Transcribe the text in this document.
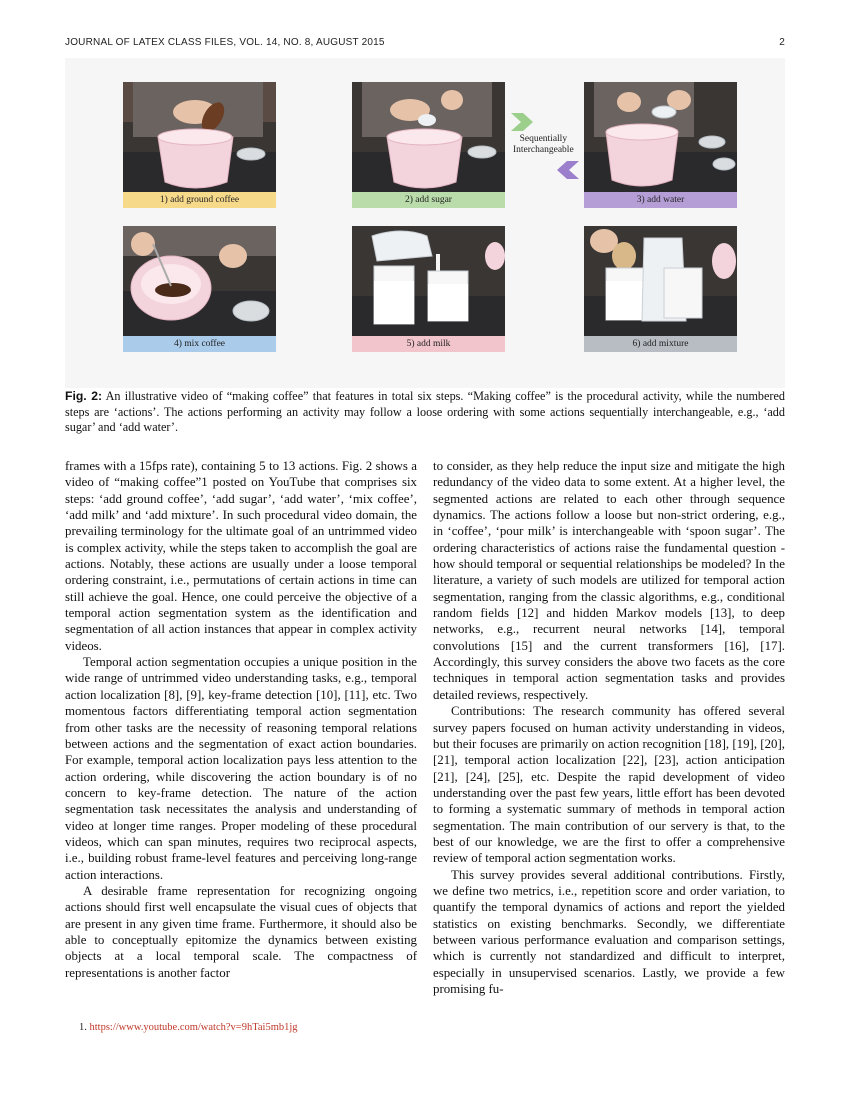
JOURNAL OF LATEX CLASS FILES, VOL. 14, NO. 8, AUGUST 2015	2
1) add ground coffee	2) add sugar	3) add water
Sequentially
Interchangeable
4) mix coffee	5) add milk	6) add mixture
Fig. 2: An illustrative video of “making coffee” that features in total six steps. “Making coffee” is the procedural activity, while the numbered steps are ‘actions’. The actions performing an activity may follow a loose ordering with some actions sequentially interchangeable, e.g., ‘add sugar’ and ‘add water’.

frames with a 15fps rate), containing 5 to 13 actions. Fig. 2 shows a video of “making coffee”1 posted on YouTube that comprises six steps: ‘add ground coffee’, ‘add sugar’, ‘add water’, ‘mix coffee’, ‘add milk’ and ‘add mixture’. In such procedural video domain, the prevailing terminology for the ultimate goal of an untrimmed video is complex activity, while the steps taken to accomplish the goal are actions. Notably, these actions are usually under a loose temporal ordering constraint, i.e., permutations of certain actions in time can still achieve the goal. Hence, one could perceive the objective of a temporal action segmentation system as the identification and segmentation of all action instances that appear in complex activity videos.

Temporal action segmentation occupies a unique position in the wide range of untrimmed video understanding tasks, e.g., temporal action localization [8], [9], key-frame detection [10], [11], etc. Two momentous factors differentiating temporal action segmentation from other tasks are the necessity of reasoning temporal relations between actions and the segmentation of exact action boundaries. For example, temporal action localization pays less attention to the action ordering, while discovering the action boundary is of no concern to key-frame detection. The nature of the action segmentation task necessitates the analysis and understanding of video at longer time ranges. Proper modeling of these procedural videos, which can span minutes, requires two reciprocal aspects, i.e., building robust frame-level features and perceiving long-range action interactions.

A desirable frame representation for recognizing ongoing actions should first well encapsulate the visual cues of objects that are present in any given time frame. Furthermore, it should also be able to conceptually epitomize the dynamics between existing objects at a local temporal scale. The compactness of representations is another factor

1. https://www.youtube.com/watch?v=9hTai5mb1jg

to consider, as they help reduce the input size and mitigate the high redundancy of the video data to some extent. At a higher level, the segmented actions are related to each other through sequence dynamics. The actions follow a loose but non-strict ordering, e.g., in ‘coffee’, ‘pour milk’ is interchangeable with ‘spoon sugar’. The ordering characteristics of actions raise the fundamental question - how should temporal or sequential relationships be modeled? In the literature, a variety of such models are utilized for temporal action segmentation, ranging from the classic algorithms, e.g., conditional random fields [12] and hidden Markov models [13], to deep networks, e.g., recurrent neural networks [14], temporal convolutions [15] and the current transformers [16], [17]. Accordingly, this survey considers the above two facets as the core techniques in temporal action segmentation tasks and provides detailed reviews, respectively.

Contributions: The research community has offered several survey papers focused on human activity understanding in videos, but their focuses are primarily on action recognition [18], [19], [20], [21], temporal action localization [22], [23], action anticipation [21], [24], [25], etc. Despite the rapid development of video understanding over the past few years, little effort has been devoted to forming a systematic summary of methods in temporal action segmentation. The main contribution of our servery is that, to the best of our knowledge, we are the first to offer a comprehensive review of temporal action segmentation works.

This survey provides several additional contributions. Firstly, we define two metrics, i.e., repetition score and order variation, to quantify the temporal dynamics of actions and report the yielded statistics on existing benchmarks. Secondly, we differentiate between various performance evaluation and comparison settings, which is currently not standardized and difficult to interpret, especially in unsupervised scenarios. Lastly, we provide a few promising fu-
